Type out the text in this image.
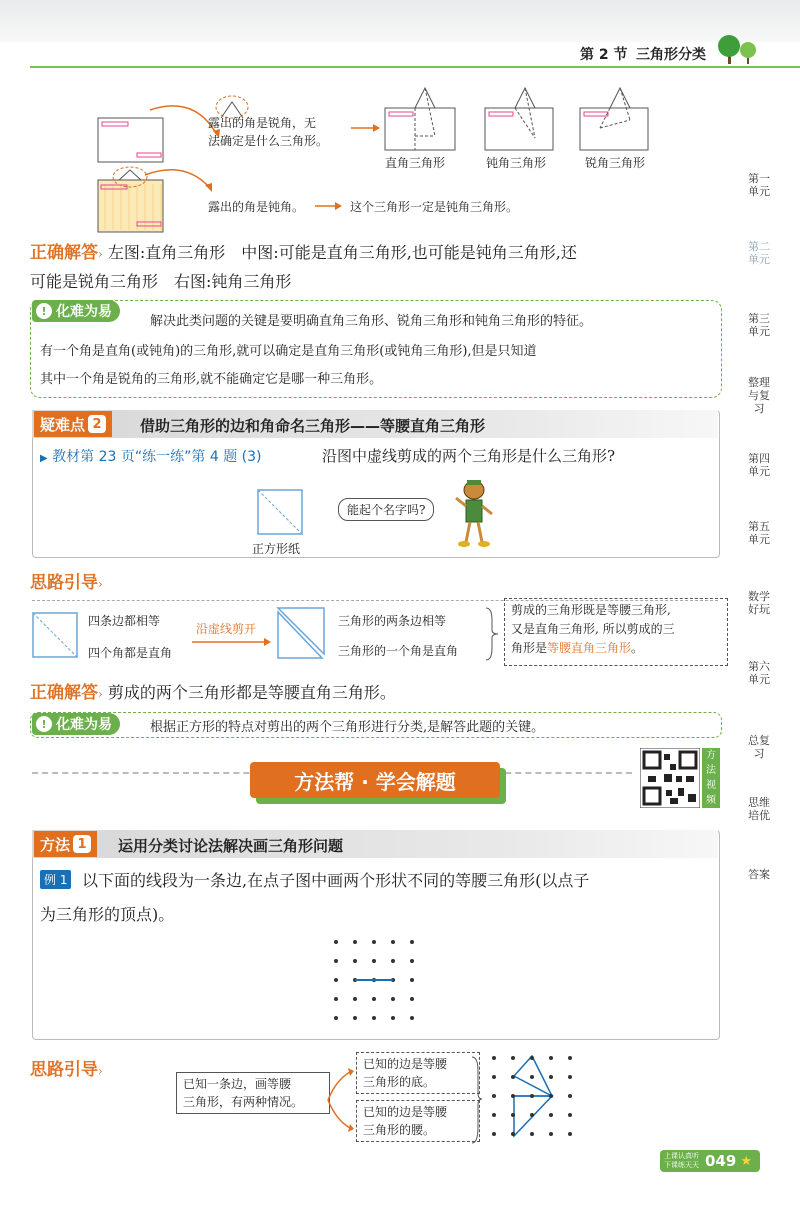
第 2 节 三角形分类
露出的角是锐角，无
法确定是什么三角形。
直角三角形	钝角三角形	锐角三角形
露出的角是钝角。	这个三角形一定是钝角三角形。
正确解答› 左图:直角三角形　中图:可能是直角三角形,也可能是钝角三角形,还
可能是锐角三角形　右图:钝角三角形
! 化难为易
解决此类问题的关键是要明确直角三角形、锐角三角形和钝角三角形的特征。
有一个角是直角(或钝角)的三角形,就可以确定是直角三角形(或钝角三角形),但是只知道
其中一个角是锐角的三角形,就不能确定它是哪一种三角形。
疑难点 2	借助三角形的边和角命名三角形——等腰直角三角形
▶ 教材第 23 页“练一练”第 4 题 (3)	沿图中虚线剪成的两个三角形是什么三角形?
正方形纸
能起个名字吗?
思路引导›
四条边都相等
四个角都是直角
沿虚线剪开
三角形的两条边相等
三角形的一个角是直角
剪成的三角形既是等腰三角形,
又是直角三角形, 所以剪成的三
角形是等腰直角三角形。
正确解答› 剪成的两个三角形都是等腰直角三角形。
! 化难为易	根据正方形的特点对剪出的两个三角形进行分类,是解答此题的关键。
方法帮 · 学会解题
方法视频课
方法 1 运用分类讨论法解决画三角形问题
例 1 以下面的线段为一条边,在点子图中画两个形状不同的等腰三角形(以点子
为三角形的顶点)。
思路引导›
已知一条边，画等腰
三角形，有两种情况。
已知的边是等腰
三角形的底。
已知的边是等腰
三角形的腰。
第一单元
第二单元
第三单元
整理与复习
第四单元
第五单元
数学好玩
第六单元
总复习
思维培优
答案
上课认真听
下课练天天 049 ★
